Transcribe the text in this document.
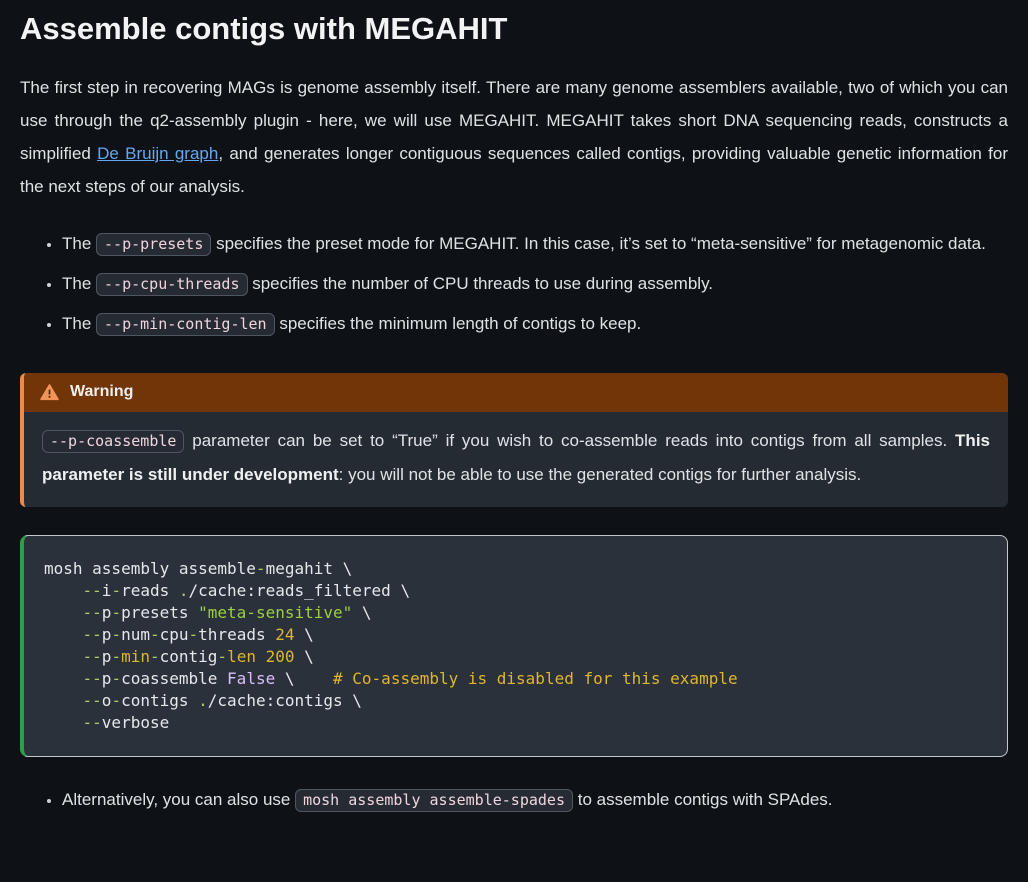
Assemble contigs with MEGAHIT

The first step in recovering MAGs is genome assembly itself. There are many genome assemblers available, two of which you can use through the q2-assembly plugin - here, we will use MEGAHIT. MEGAHIT takes short DNA sequencing reads, constructs a simplified De Bruijn graph, and generates longer contiguous sequences called contigs, providing valuable genetic information for the next steps of our analysis.

• The --p-presets specifies the preset mode for MEGAHIT. In this case, it’s set to “meta-sensitive” for metagenomic data.
• The --p-cpu-threads specifies the number of CPU threads to use during assembly.
• The --p-min-contig-len specifies the minimum length of contigs to keep.
Warning
--p-coassemble parameter can be set to “True” if you wish to co-assemble reads into contigs from all samples. This parameter is still under development: you will not be able to use the generated contigs for further analysis.
mosh assembly assemble-megahit \
--i-reads ./cache:reads_filtered \
--p-presets "meta-sensitive" \
--p-num-cpu-threads 24 \
--p-min-contig-len 200 \
--p-coassemble False \    # Co-assembly is disabled for this example
--o-contigs ./cache:contigs \
--verbose
• Alternatively, you can also use mosh assembly assemble-spades to assemble contigs with SPAdes.
